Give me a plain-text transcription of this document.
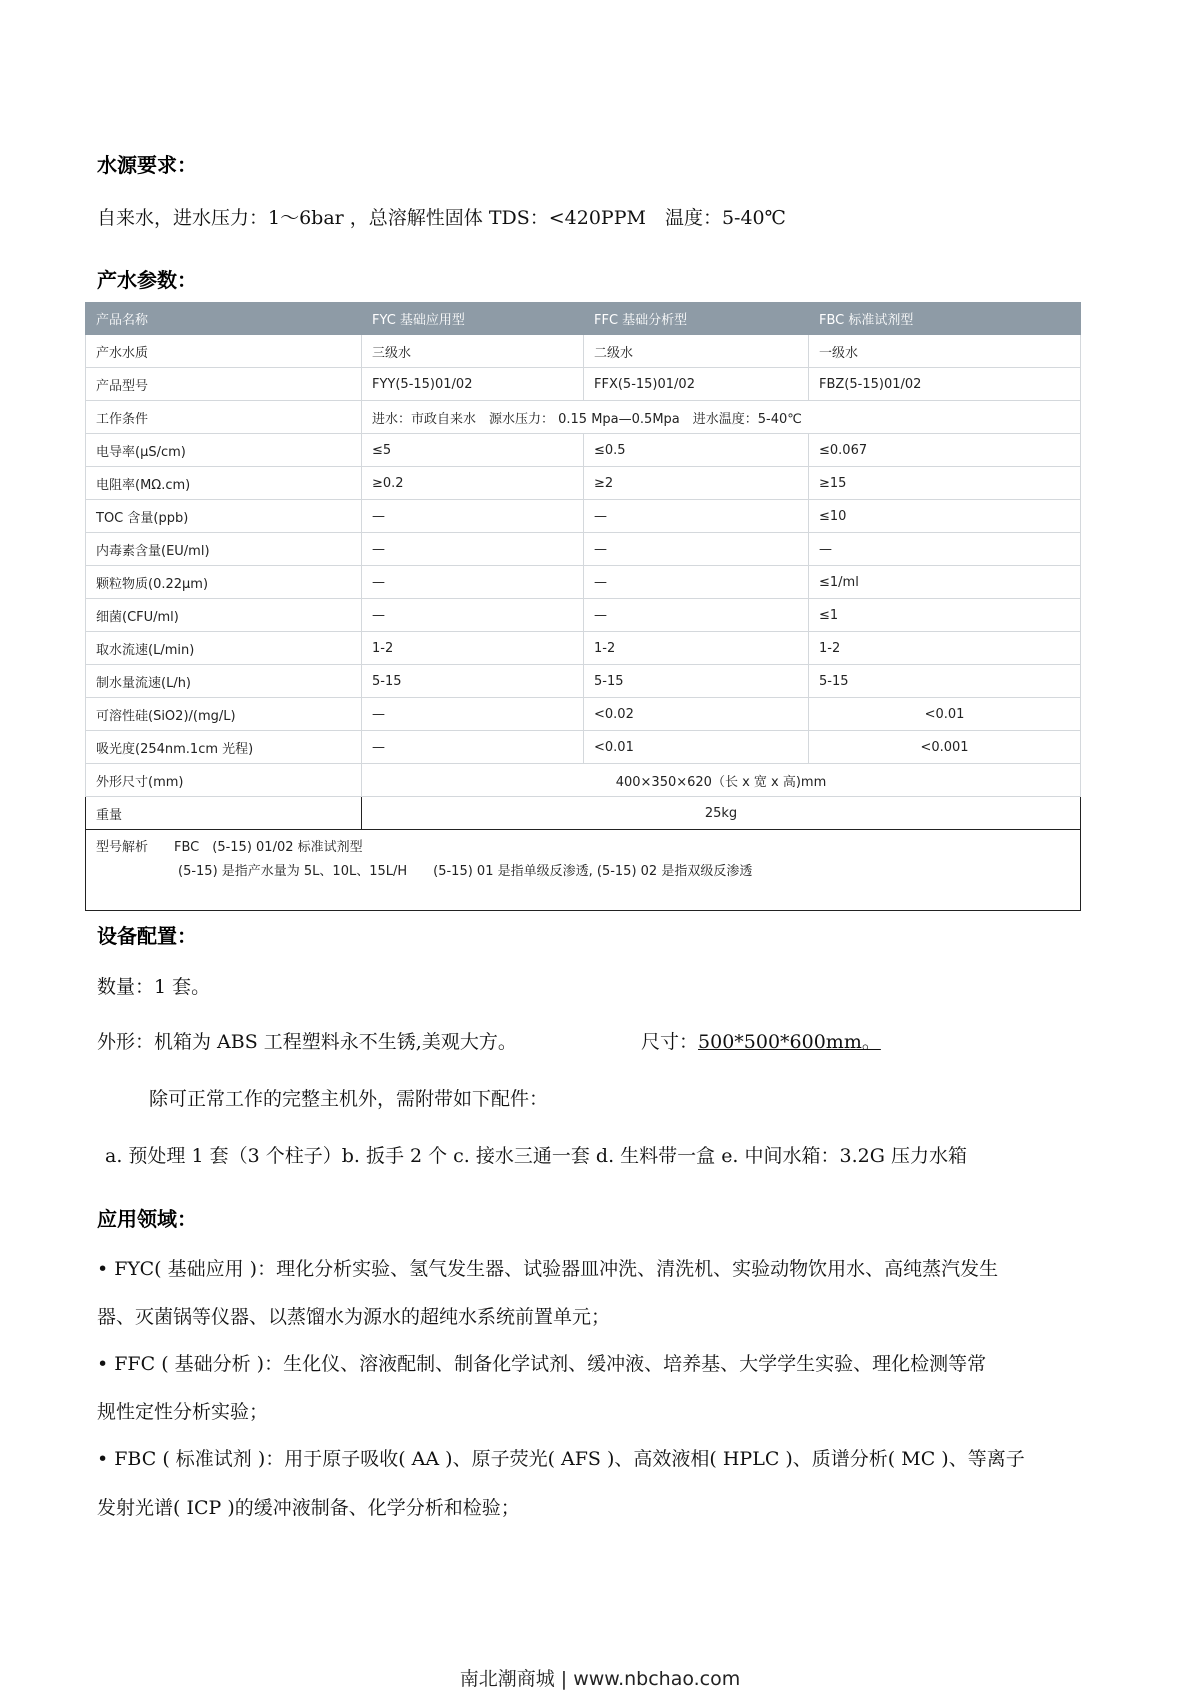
水源要求：
自来水，进水压力：1～6bar ，总溶解性固体 TDS：<420PPM　温度：5-40℃
产水参数：
产品名称	FYC 基础应用型	FFC 基础分析型	FBC 标准试剂型
产水水质	三级水	二级水	一级水
产品型号	FYY(5-15)01/02	FFX(5-15)01/02	FBZ(5-15)01/02
工作条件	进水：市政自来水　源水压力： 0.15 Mpa—0.5Mpa　进水温度：5-40℃		
电导率(μS/cm)	≤5	≤0.5	≤0.067
电阻率(MΩ.cm)	≥0.2	≥2	≥15
TOC 含量(ppb)	—	—	≤10
内毒素含量(EU/ml)	—	—	—
颗粒物质(0.22μm)	—	—	≤1/ml
细菌(CFU/ml)	—	—	≤1
取水流速(L/min)	1-2	1-2	1-2
制水量流速(L/h)	5-15	5-15	5-15
可溶性硅(SiO2)/(mg/L)	—	<0.02	<0.01
吸光度(254nm.1cm 光程)	—	<0.01	<0.001
外形尺寸(mm)	400×350×620（长 x 宽 x 高)mm		
重量	25kg		

型号解析　　FBC　(5-15) 01/02 标准试剂型
(5-15) 是指产水量为 5L、10L、15L/H　　(5-15) 01 是指单级反渗透, (5-15) 02 是指双级反渗透			
设备配置：
数量：1 套。
外形：机箱为 ABS 工程塑料永不生锈,美观大方。	尺寸：500*500*600mm。
除可正常工作的完整主机外，需附带如下配件：
a. 预处理 1 套（3 个柱子）b. 扳手 2 个 c. 接水三通一套 d. 生料带一盒 e. 中间水箱：3.2G 压力水箱
应用领域：
• FYC( 基础应用 )：理化分析实验、氢气发生器、试验器皿冲洗、清洗机、实验动物饮用水、高纯蒸汽发生
器、灭菌锅等仪器、以蒸馏水为源水的超纯水系统前置单元；
• FFC ( 基础分析 )：生化仪、溶液配制、制备化学试剂、缓冲液、培养基、大学学生实验、理化检测等常
规性定性分析实验；
• FBC ( 标准试剂 )：用于原子吸收( AA )、原子荧光( AFS )、高效液相( HPLC )、质谱分析( MC )、等离子
发射光谱( ICP )的缓冲液制备、化学分析和检验；
南北潮商城 | www.nbchao.com
